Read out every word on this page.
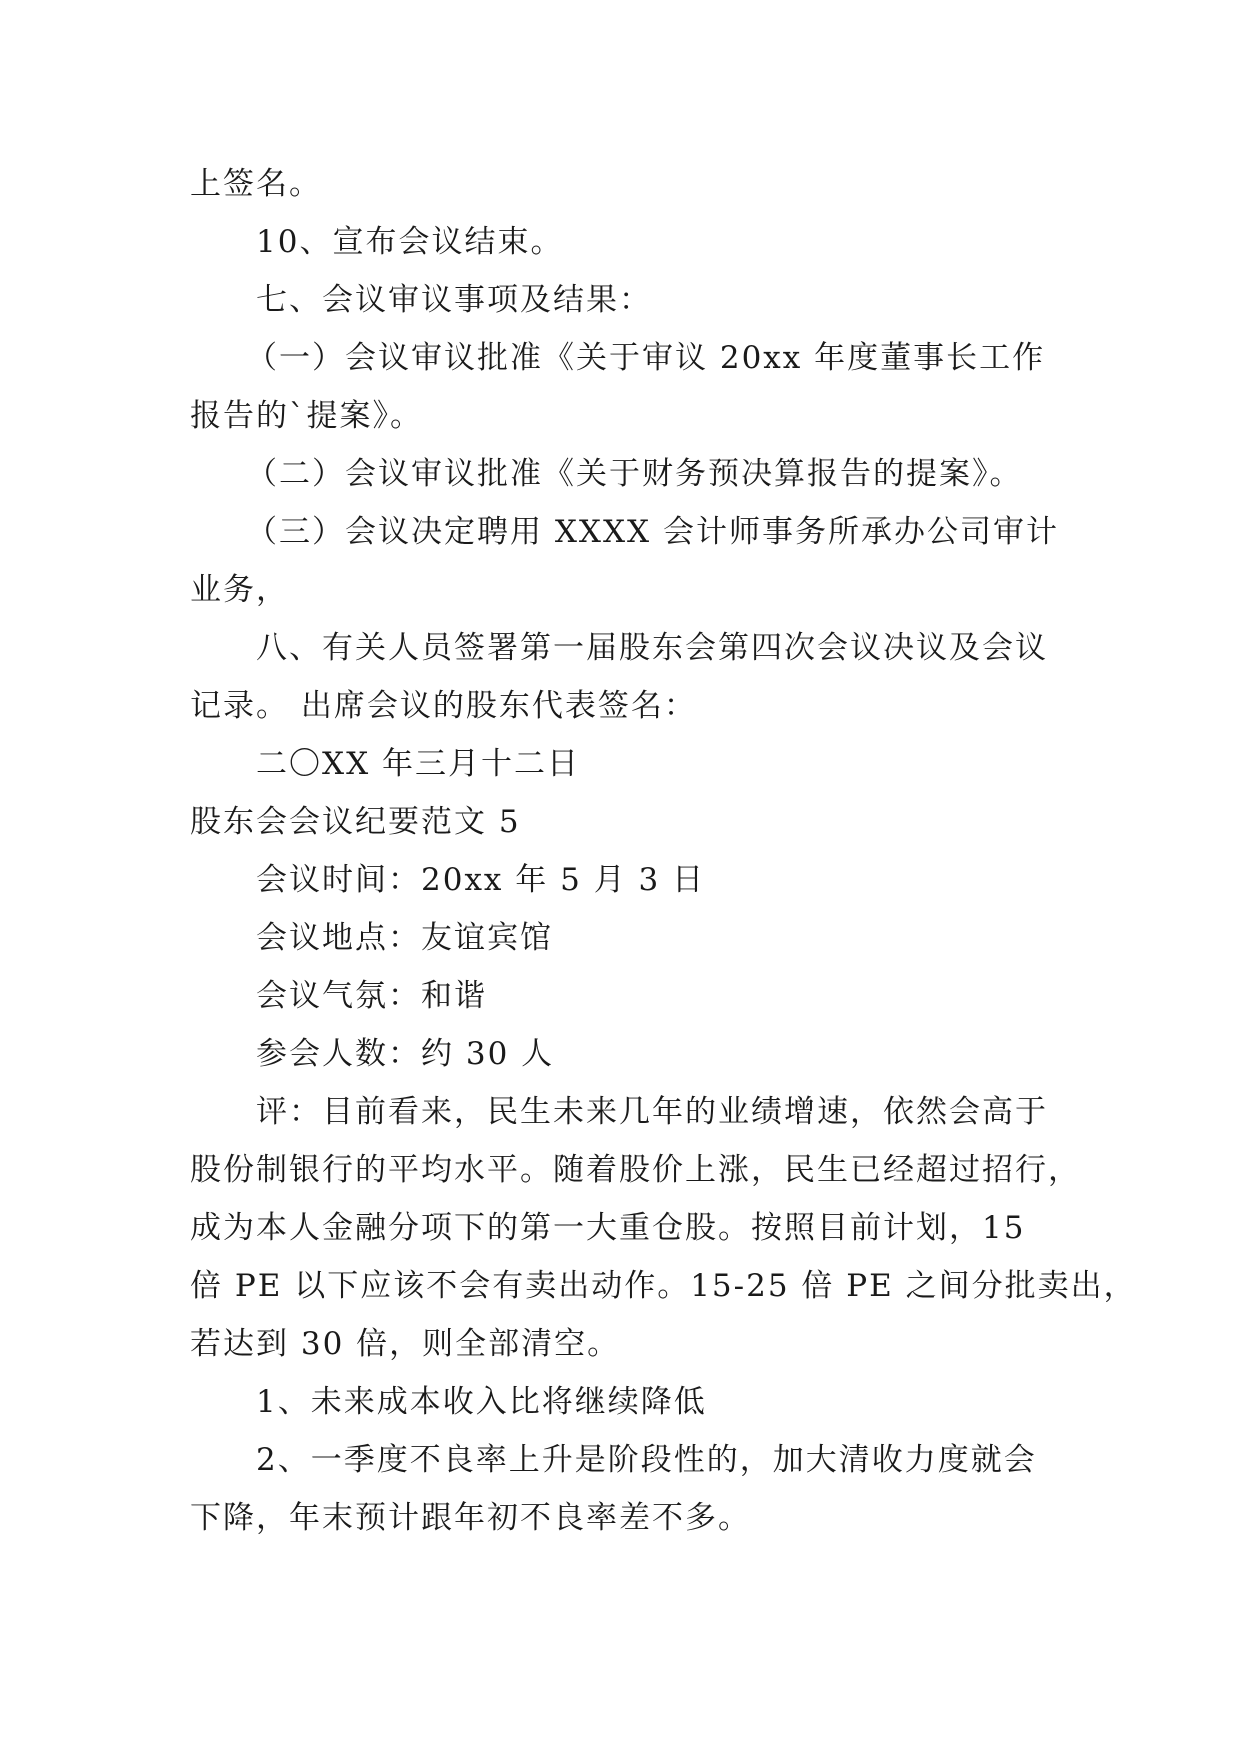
上签名。
10、宣布会议结束。
七、会议审议事项及结果：
（一）会议审议批准《关于审议 20xx 年度董事长工作
报告的`提案》。
（二）会议审议批准《关于财务预决算报告的提案》。
（三）会议决定聘用 XXXX 会计师事务所承办公司审计
业务，
八、有关人员签署第一届股东会第四次会议决议及会议
记录。 出席会议的股东代表签名：
二〇XX 年三月十二日
股东会会议纪要范文 5
会议时间：20xx 年 5 月 3 日
会议地点：友谊宾馆
会议气氛：和谐
参会人数：约 30 人
评：目前看来，民生未来几年的业绩增速，依然会高于
股份制银行的平均水平。随着股价上涨，民生已经超过招行，
成为本人金融分项下的第一大重仓股。按照目前计划，15
倍 PE 以下应该不会有卖出动作。15-25 倍 PE 之间分批卖出，
若达到 30 倍，则全部清空。
1、未来成本收入比将继续降低
2、一季度不良率上升是阶段性的，加大清收力度就会
下降，年末预计跟年初不良率差不多。
